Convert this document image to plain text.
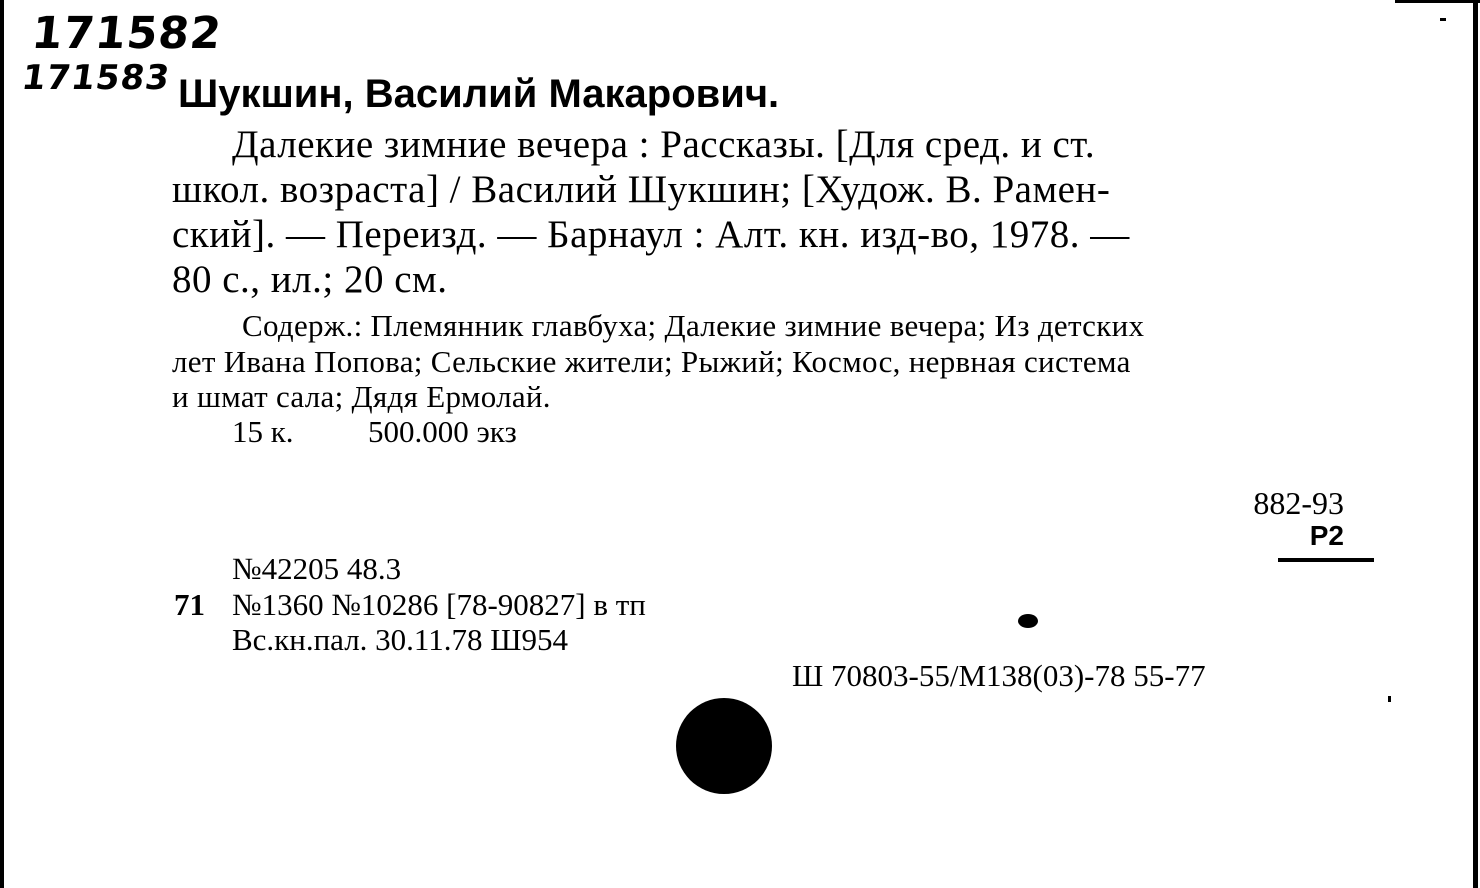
171582
171583 Шукшин, Василий Макарович.
Далекие зимние вечера : Рассказы. [Для сред. и ст.
школ. возраста] / Василий Шукшин; [Худож. В. Рамен-
ский]. — Переизд. — Барнаул : Алт. кн. изд-во, 1978. —
80 с., ил.; 20 см.
Содерж.: Племянник главбуха; Далекие зимние вечера; Из детских
лет Ивана Попова; Сельские жители; Рыжий; Космос, нервная система
и шмат сала; Дядя Ермолай.
15 к. 500.000 экз
882-93
Р2
№42205 48.3
71 №1360 №10286 [78-90827] в тп
Вс.кн.пал. 30.11.78 Ш954
Ш 70803-55/М138(03)-78 55-77
